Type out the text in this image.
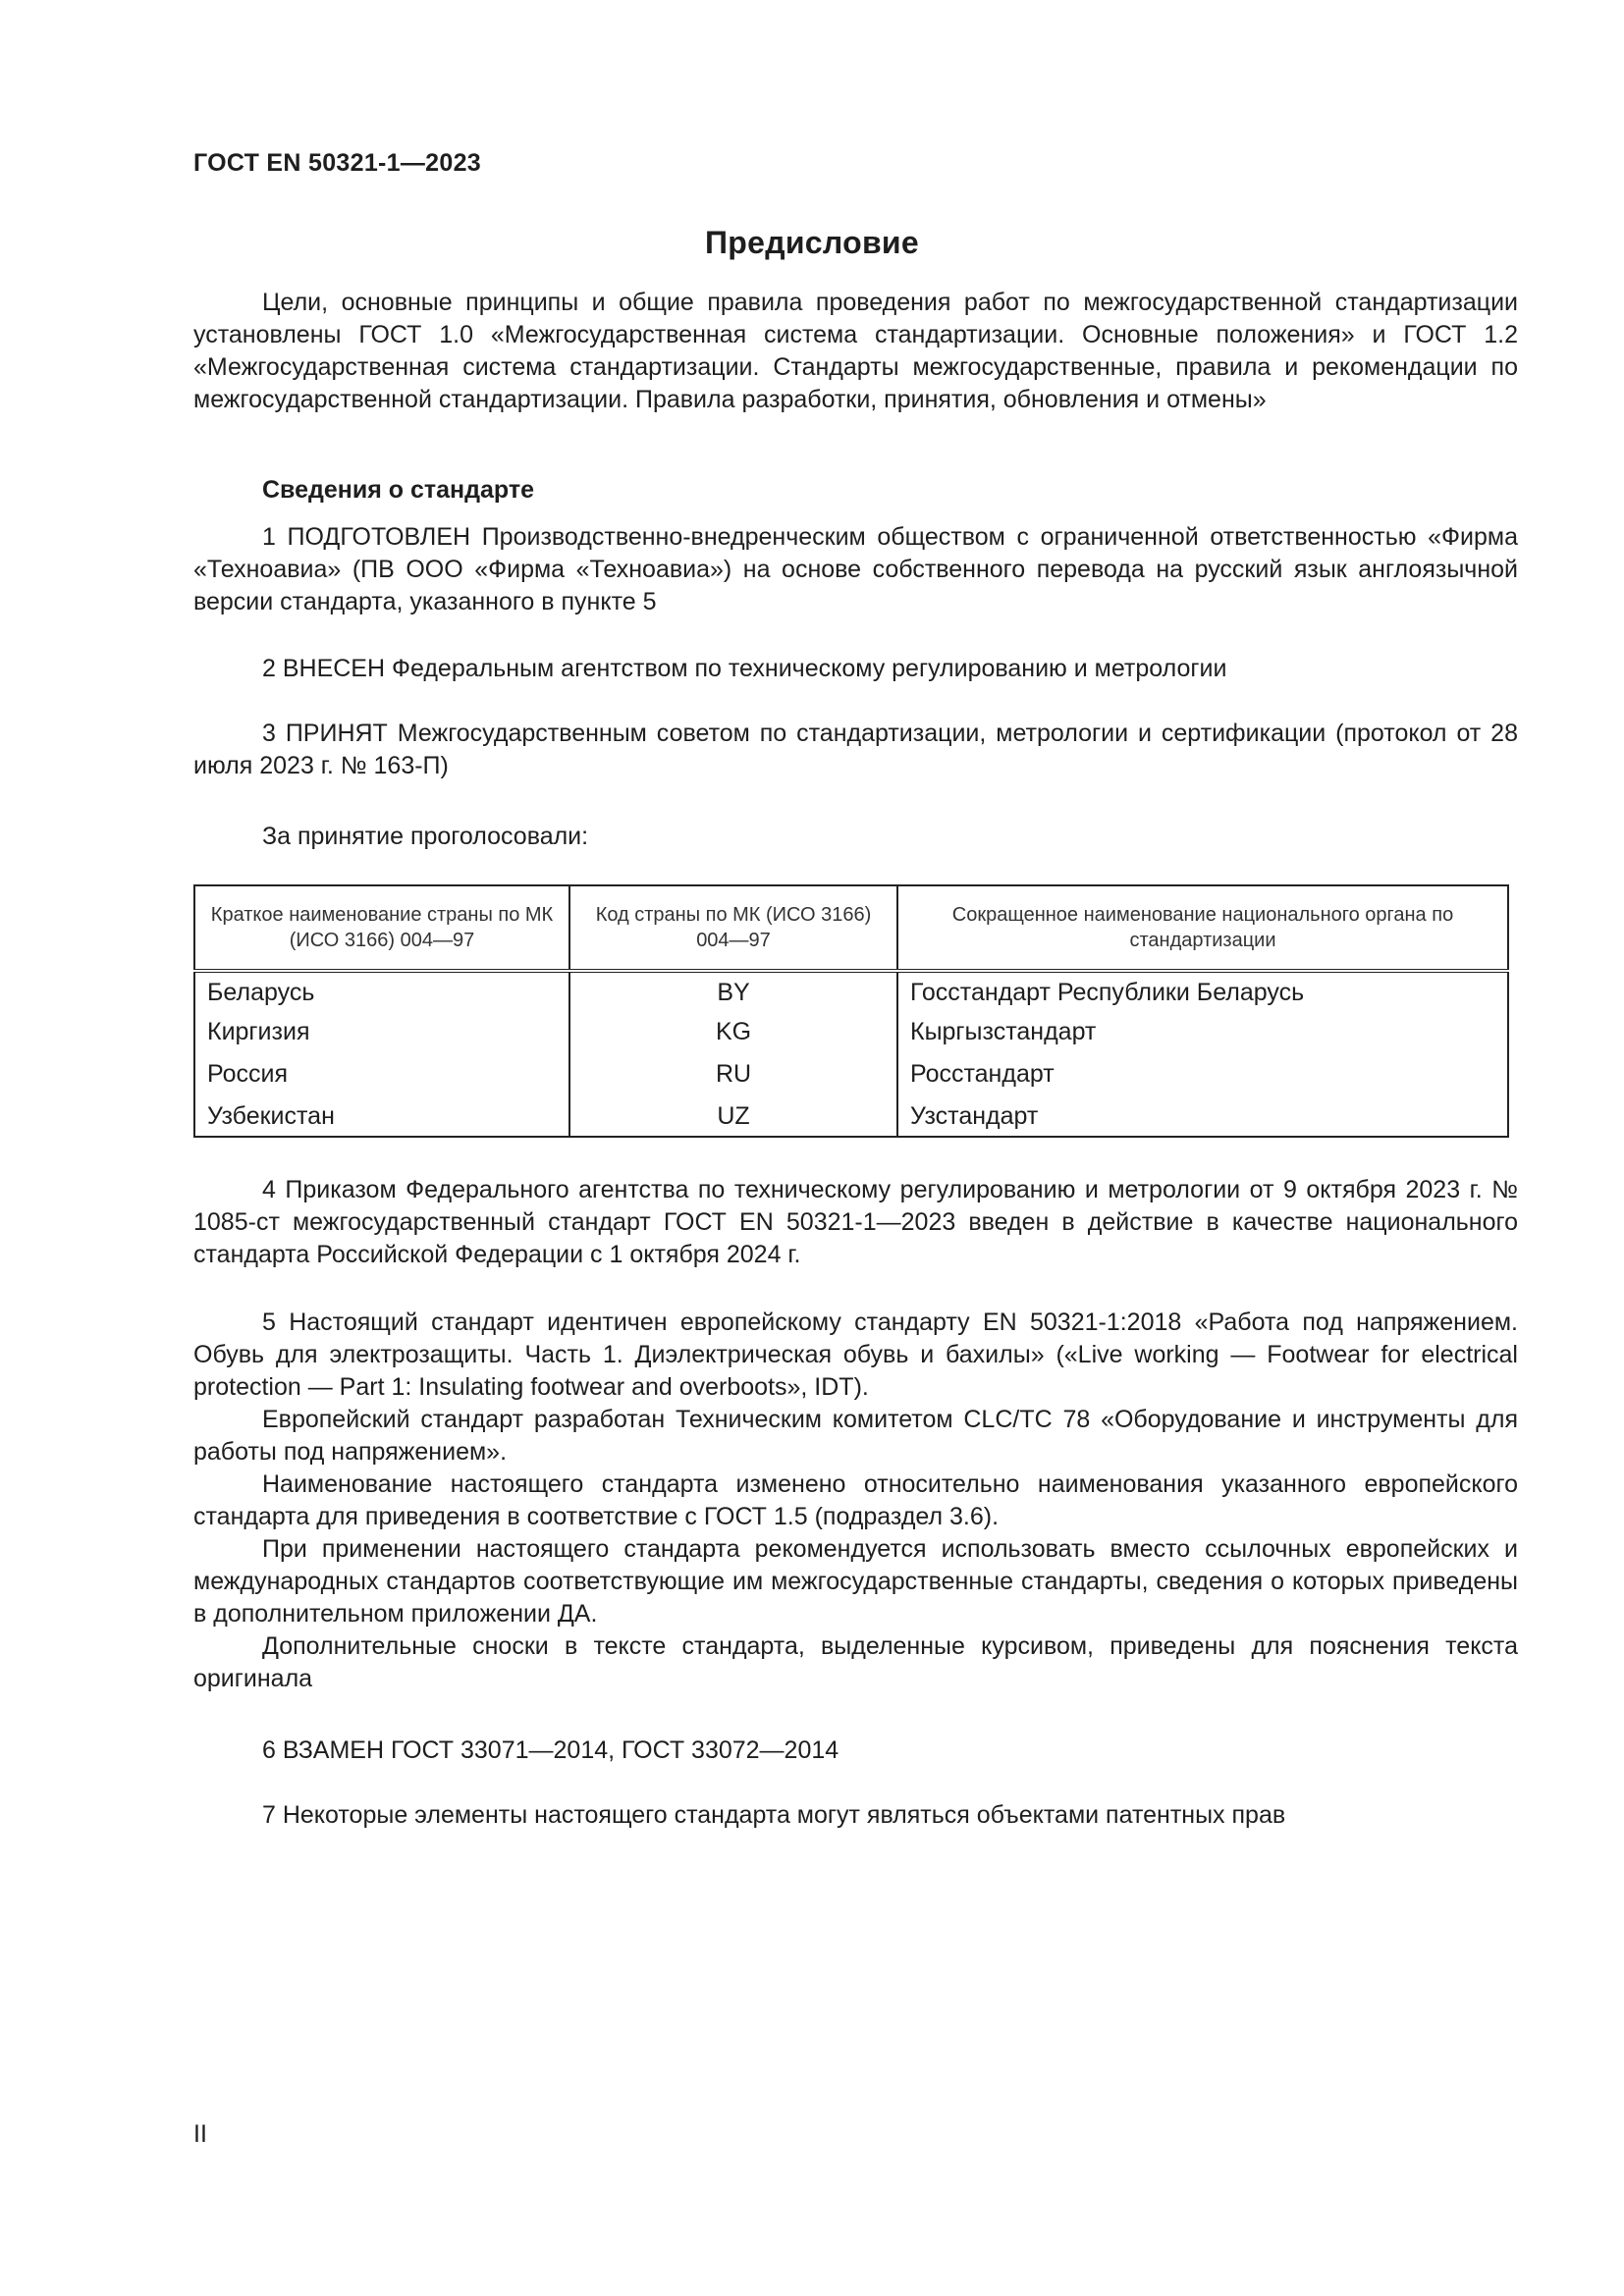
ГОСТ EN 50321-1—2023
Предисловие

Цели, основные принципы и общие правила проведения работ по межгосударственной стандартизации установлены ГОСТ 1.0 «Межгосударственная система стандартизации. Основные положения» и ГОСТ 1.2 «Межгосударственная система стандартизации. Стандарты межгосударственные, правила и рекомендации по межгосударственной стандартизации. Правила разработки, принятия, обновления и отмены»

Сведения о стандарте

1 ПОДГОТОВЛЕН Производственно-внедренческим обществом с ограниченной ответственностью «Фирма «Техноавиа» (ПВ ООО «Фирма «Техноавиа») на основе собственного перевода на русский язык англоязычной версии стандарта, указанного в пункте 5

2 ВНЕСЕН Федеральным агентством по техническому регулированию и метрологии

3 ПРИНЯТ Межгосударственным советом по стандартизации, метрологии и сертификации (протокол от 28 июля 2023 г. № 163-П)

За принятие проголосовали:

Краткое наименование страны по МК (ИСО 3166) 004—97	Код страны по МК (ИСО 3166) 004—97	Сокращенное наименование национального органа по стандартизации
Беларусь	BY	Госстандарт Республики Беларусь
Киргизия	KG	Кыргызстандарт
Россия	RU	Росстандарт
Узбекистан	UZ	Узстандарт

4 Приказом Федерального агентства по техническому регулированию и метрологии от 9 октября 2023 г. № 1085-ст межгосударственный стандарт ГОСТ EN 50321-1—2023 введен в действие в качестве национального стандарта Российской Федерации с 1 октября 2024 г.

5 Настоящий стандарт идентичен европейскому стандарту EN 50321-1:2018 «Работа под напряжением. Обувь для электрозащиты. Часть 1. Диэлектрическая обувь и бахилы» («Live working — Footwear for electrical protection — Part 1: Insulating footwear and overboots», IDT).

Европейский стандарт разработан Техническим комитетом CLC/TC 78 «Оборудование и инструменты для работы под напряжением».

Наименование настоящего стандарта изменено относительно наименования указанного европейского стандарта для приведения в соответствие с ГОСТ 1.5 (подраздел 3.6).

При применении настоящего стандарта рекомендуется использовать вместо ссылочных европейских и международных стандартов соответствующие им межгосударственные стандарты, сведения о которых приведены в дополнительном приложении ДА.

Дополнительные сноски в тексте стандарта, выделенные курсивом, приведены для пояснения текста оригинала

6 ВЗАМЕН ГОСТ 33071—2014, ГОСТ 33072—2014

7 Некоторые элементы настоящего стандарта могут являться объектами патентных прав

II
